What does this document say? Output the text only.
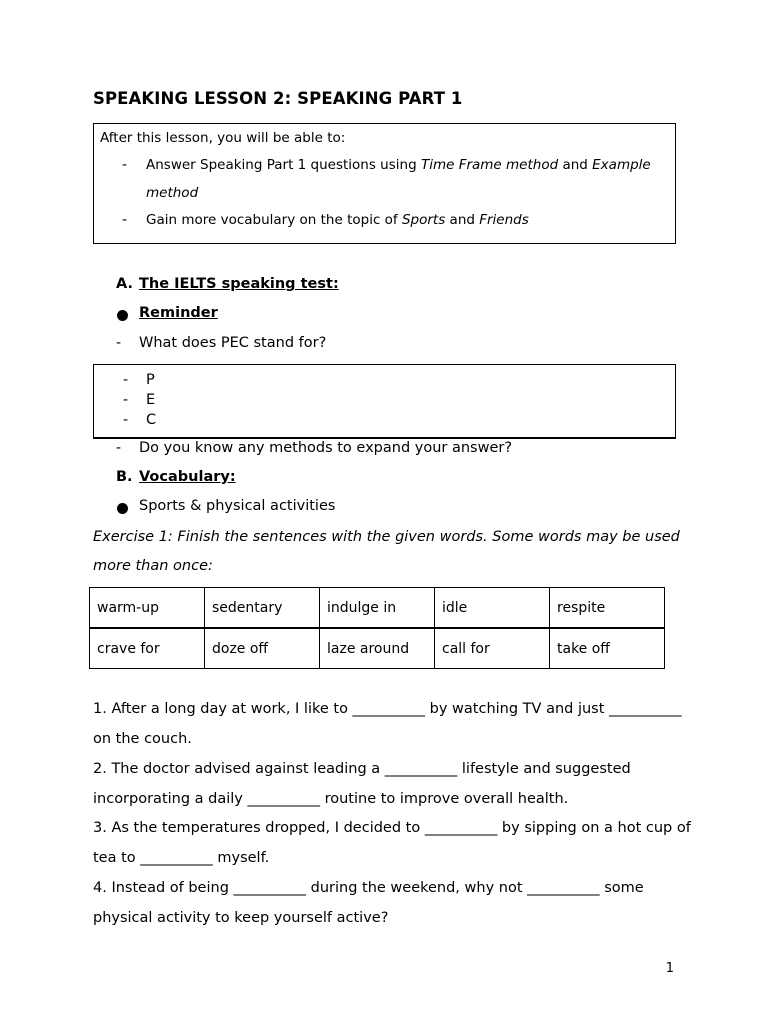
SPEAKING LESSON 2: SPEAKING PART 1
After this lesson, you will be able to:
- Answer Speaking Part 1 questions using Time Frame method and Example
method
- Gain more vocabulary on the topic of Sports and Friends
A. The IELTS speaking test:
Reminder
- What does PEC stand for?
- P
- E
- C
- Do you know any methods to expand your answer?
B. Vocabulary:
Sports & physical activities
Exercise 1: Finish the sentences with the given words. Some words may be used
more than once:
warm-up	sedentary	indulge in	idle	respite
crave for	doze off	laze around	call for	take off
1. After a long day at work, I like to __________ by watching TV and just __________
on the couch.
2. The doctor advised against leading a __________ lifestyle and suggested
incorporating a daily __________ routine to improve overall health.
3. As the temperatures dropped, I decided to __________ by sipping on a hot cup of
tea to __________ myself.
4. Instead of being __________ during the weekend, why not __________ some
physical activity to keep yourself active?
1
